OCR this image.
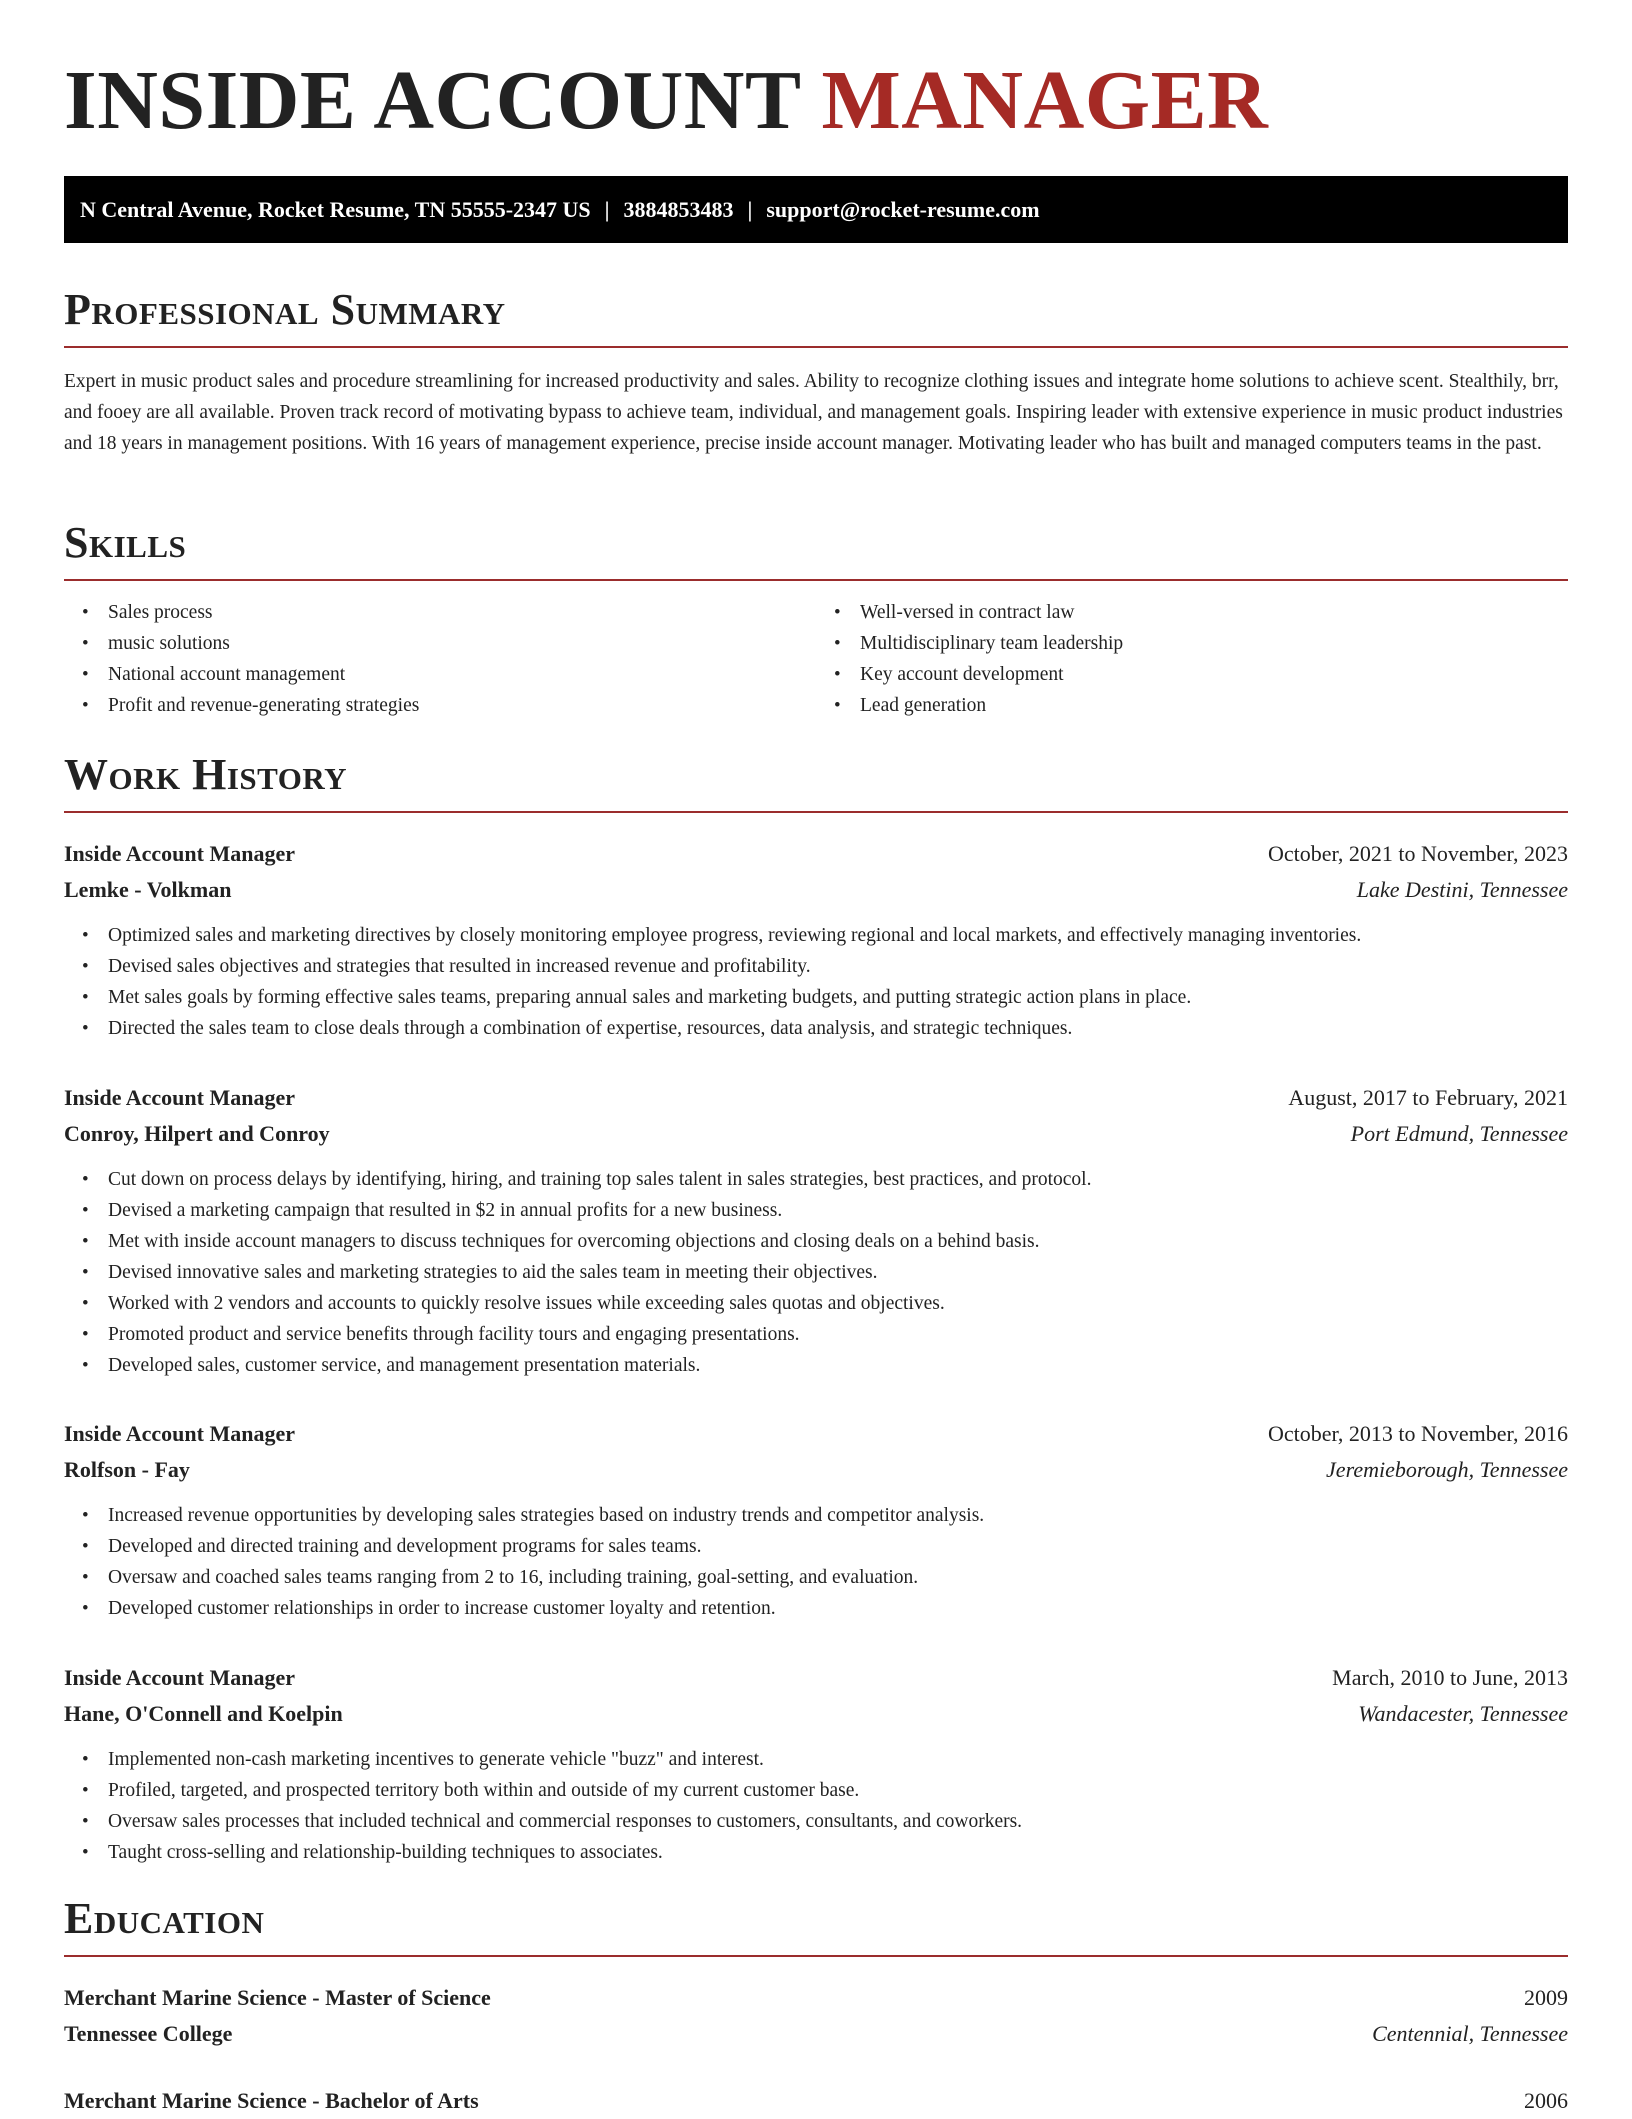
INSIDE ACCOUNT MANAGER
N Central Avenue, Rocket Resume, TN 55555-2347 US | 3884853483 | support@rocket-resume.com
Professional Summary

Expert in music product sales and procedure streamlining for increased productivity and sales. Ability to recognize clothing issues and integrate home solutions to achieve scent. Stealthily, brr, and fooey are all available. Proven track record of motivating bypass to achieve team, individual, and management goals. Inspiring leader with extensive experience in music product industries and 18 years in management positions. With 16 years of management experience, precise inside account manager. Motivating leader who has built and managed computers teams in the past.

Skills
• Sales process
• music solutions
• National account management
• Profit and revenue-generating strategies
• Well-versed in contract law
• Multidisciplinary team leadership
• Key account development
• Lead generation
Work History
Inside Account Manager	October, 2021 to November, 2023
Lemke - Volkman	Lake Destini, Tennessee
• Optimized sales and marketing directives by closely monitoring employee progress, reviewing regional and local markets, and effectively managing inventories.
• Devised sales objectives and strategies that resulted in increased revenue and profitability.
• Met sales goals by forming effective sales teams, preparing annual sales and marketing budgets, and putting strategic action plans in place.
• Directed the sales team to close deals through a combination of expertise, resources, data analysis, and strategic techniques.
Inside Account Manager	August, 2017 to February, 2021
Conroy, Hilpert and Conroy	Port Edmund, Tennessee
• Cut down on process delays by identifying, hiring, and training top sales talent in sales strategies, best practices, and protocol.
• Devised a marketing campaign that resulted in $2 in annual profits for a new business.
• Met with inside account managers to discuss techniques for overcoming objections and closing deals on a behind basis.
• Devised innovative sales and marketing strategies to aid the sales team in meeting their objectives.
• Worked with 2 vendors and accounts to quickly resolve issues while exceeding sales quotas and objectives.
• Promoted product and service benefits through facility tours and engaging presentations.
• Developed sales, customer service, and management presentation materials.
Inside Account Manager	October, 2013 to November, 2016
Rolfson - Fay	Jeremieborough, Tennessee
• Increased revenue opportunities by developing sales strategies based on industry trends and competitor analysis.
• Developed and directed training and development programs for sales teams.
• Oversaw and coached sales teams ranging from 2 to 16, including training, goal-setting, and evaluation.
• Developed customer relationships in order to increase customer loyalty and retention.
Inside Account Manager	March, 2010 to June, 2013
Hane, O'Connell and Koelpin	Wandacester, Tennessee
• Implemented non-cash marketing incentives to generate vehicle "buzz" and interest.
• Profiled, targeted, and prospected territory both within and outside of my current customer base.
• Oversaw sales processes that included technical and commercial responses to customers, consultants, and coworkers.
• Taught cross-selling and relationship-building techniques to associates.
Education
Merchant Marine Science - Master of Science	2009
Tennessee College	Centennial, Tennessee
Merchant Marine Science - Bachelor of Arts	2006
